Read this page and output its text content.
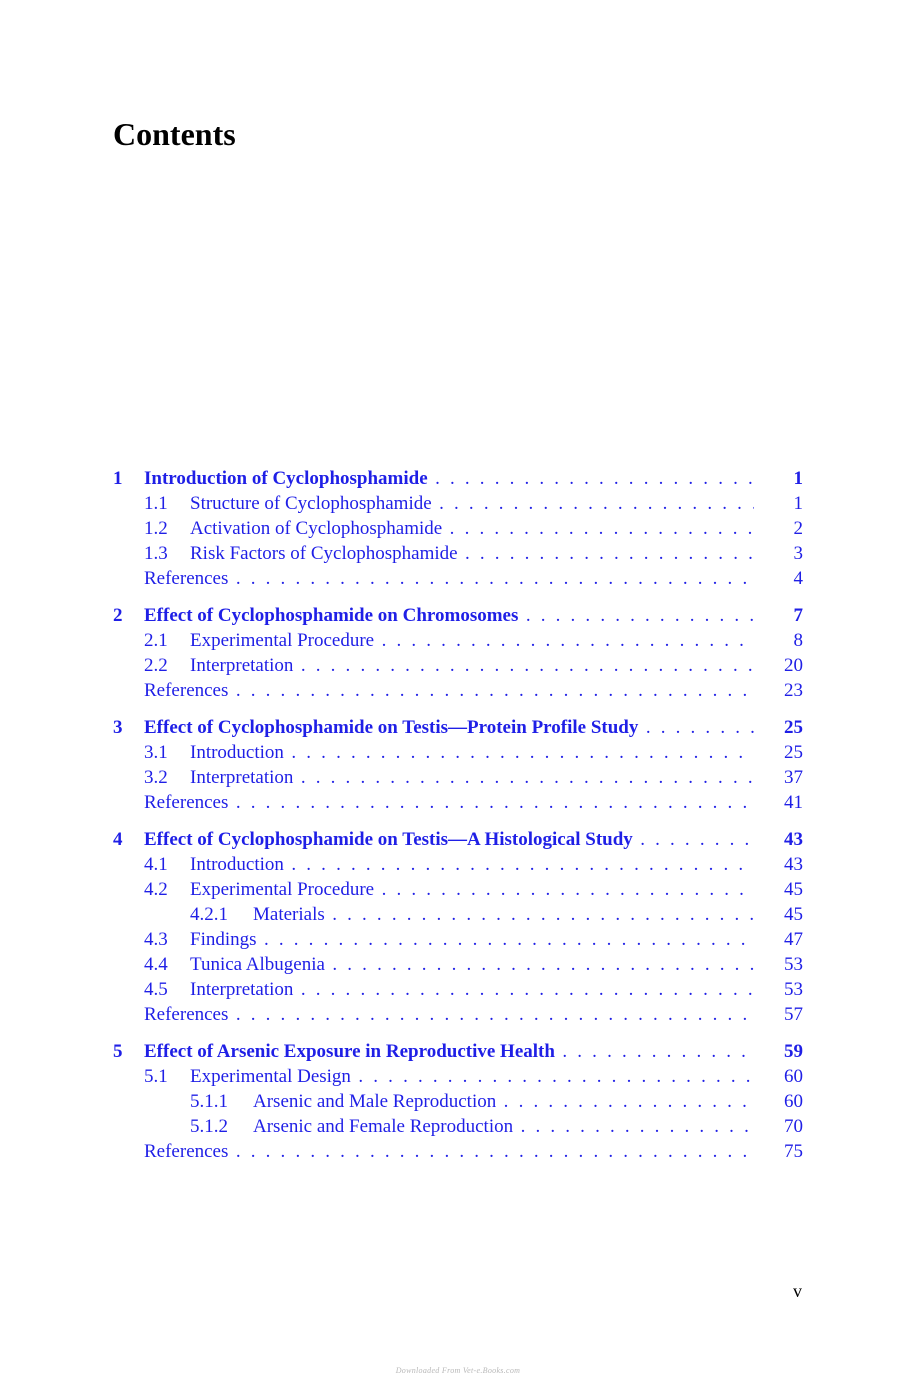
Contents
1 Introduction of Cyclophosphamide . . .	1
1.1 Structure of Cyclophosphamide . . .	1
1.2 Activation of Cyclophosphamide . . .	2
1.3 Risk Factors of Cyclophosphamide . . .	3
References . . .	4
2 Effect of Cyclophosphamide on Chromosomes . . .	7
2.1 Experimental Procedure . . .	8
2.2 Interpretation . . .	20
References . . .	23
3 Effect of Cyclophosphamide on Testis—Protein Profile Study . . .	25
3.1 Introduction . . .	25
3.2 Interpretation . . .	37
References . . .	41
4 Effect of Cyclophosphamide on Testis—A Histological Study . . .	43
4.1 Introduction . . .	43
4.2 Experimental Procedure . . .	45
4.2.1 Materials . . .	45
4.3 Findings . . .	47
4.4 Tunica Albugenia . . .	53
4.5 Interpretation . . .	53
References . . .	57
5 Effect of Arsenic Exposure in Reproductive Health . . .	59
5.1 Experimental Design . . .	60
5.1.1 Arsenic and Male Reproduction . . .	60
5.1.2 Arsenic and Female Reproduction . . .	70
References . . .	75
v
Downloaded From Vet-e.Books.com
